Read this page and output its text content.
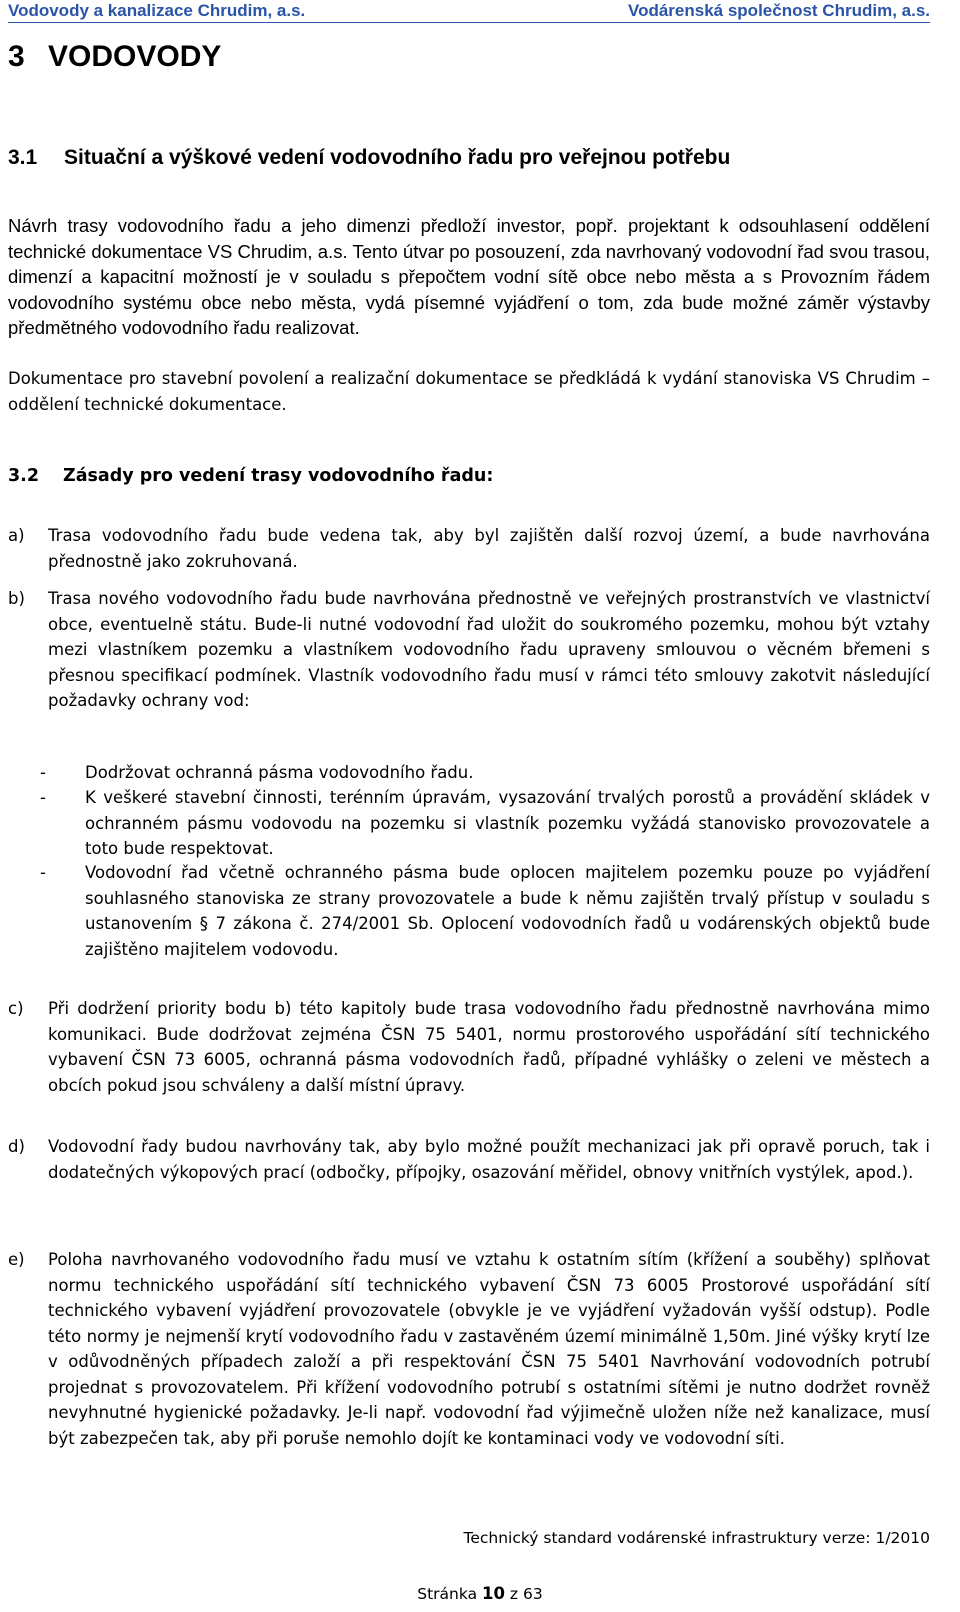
Vodovody a kanalizace Chrudim, a.s.	Vodárenská společnost Chrudim, a.s.
3 VODOVODY
3.1 Situační a výškové vedení vodovodního řadu pro veřejnou potřebu
Návrh trasy vodovodního řadu a jeho dimenzi předloží investor, popř. projektant k odsouhlasení oddělení technické dokumentace VS Chrudim, a.s. Tento útvar po posouzení, zda navrhovaný vodovodní řad svou trasou, dimenzí a kapacitní možností je v souladu s přepočtem vodní sítě obce nebo města a s Provozním řádem vodovodního systému obce nebo města, vydá písemné vyjádření o tom, zda bude možné záměr výstavby předmětného vodovodního řadu realizovat.
Dokumentace pro stavební povolení a realizační dokumentace se předkládá k vydání stanoviska VS Chrudim – oddělení technické dokumentace.
3.2 Zásady pro vedení trasy vodovodního řadu:
a) Trasa vodovodního řadu bude vedena tak, aby byl zajištěn další rozvoj území, a bude navrhována přednostně jako zokruhovaná.
b) Trasa nového vodovodního řadu bude navrhována přednostně ve veřejných prostranstvích ve vlastnictví obce, eventuelně státu. Bude-li nutné vodovodní řad uložit do soukromého pozemku, mohou být vztahy mezi vlastníkem pozemku a vlastníkem vodovodního řadu upraveny smlouvou o věcném břemeni s přesnou specifikací podmínek. Vlastník vodovodního řadu musí v rámci této smlouvy zakotvit následující požadavky ochrany vod:
- Dodržovat ochranná pásma vodovodního řadu.
- K veškeré stavební činnosti, terénním úpravám, vysazování trvalých porostů a provádění skládek v ochranném pásmu vodovodu na pozemku si vlastník pozemku vyžádá stanovisko provozovatele a toto bude respektovat.
- Vodovodní řad včetně ochranného pásma bude oplocen majitelem pozemku pouze po vyjádření souhlasného stanoviska ze strany provozovatele a bude k němu zajištěn trvalý přístup v souladu s ustanovením § 7 zákona č. 274/2001 Sb. Oplocení vodovodních řadů u vodárenských objektů bude zajištěno majitelem vodovodu.
c) Při dodržení priority bodu b) této kapitoly bude trasa vodovodního řadu přednostně navrhována mimo komunikaci. Bude dodržovat zejména ČSN 75 5401, normu prostorového uspořádání sítí technického vybavení ČSN 73 6005, ochranná pásma vodovodních řadů, případné vyhlášky o zeleni ve městech a obcích pokud jsou schváleny a další místní úpravy.
d) Vodovodní řady budou navrhovány tak, aby bylo možné použít mechanizaci jak při opravě poruch, tak i dodatečných výkopových prací (odbočky, přípojky, osazování měřidel, obnovy vnitřních vystýlek, apod.).
e) Poloha navrhovaného vodovodního řadu musí ve vztahu k ostatním sítím (křížení a souběhy) splňovat normu technického uspořádání sítí technického vybavení ČSN 73 6005 Prostorové uspořádání sítí technického vybavení vyjádření provozovatele (obvykle je ve vyjádření vyžadován vyšší odstup). Podle této normy je nejmenší krytí vodovodního řadu v zastavěném území minimálně 1,50m. Jiné výšky krytí lze v odůvodněných případech založí a při respektování ČSN 75 5401 Navrhování vodovodních potrubí projednat s provozovatelem. Při křížení vodovodního potrubí s ostatními sítěmi je nutno dodržet rovněž nevyhnutné hygienické požadavky. Je-li např. vodovodní řad výjimečně uložen níže než kanalizace, musí být zabezpečen tak, aby při poruše nemohlo dojít ke kontaminaci vody ve vodovodní síti.
Technický standard vodárenské infrastruktury verze: 1/2010
Stránka 10 z 63
